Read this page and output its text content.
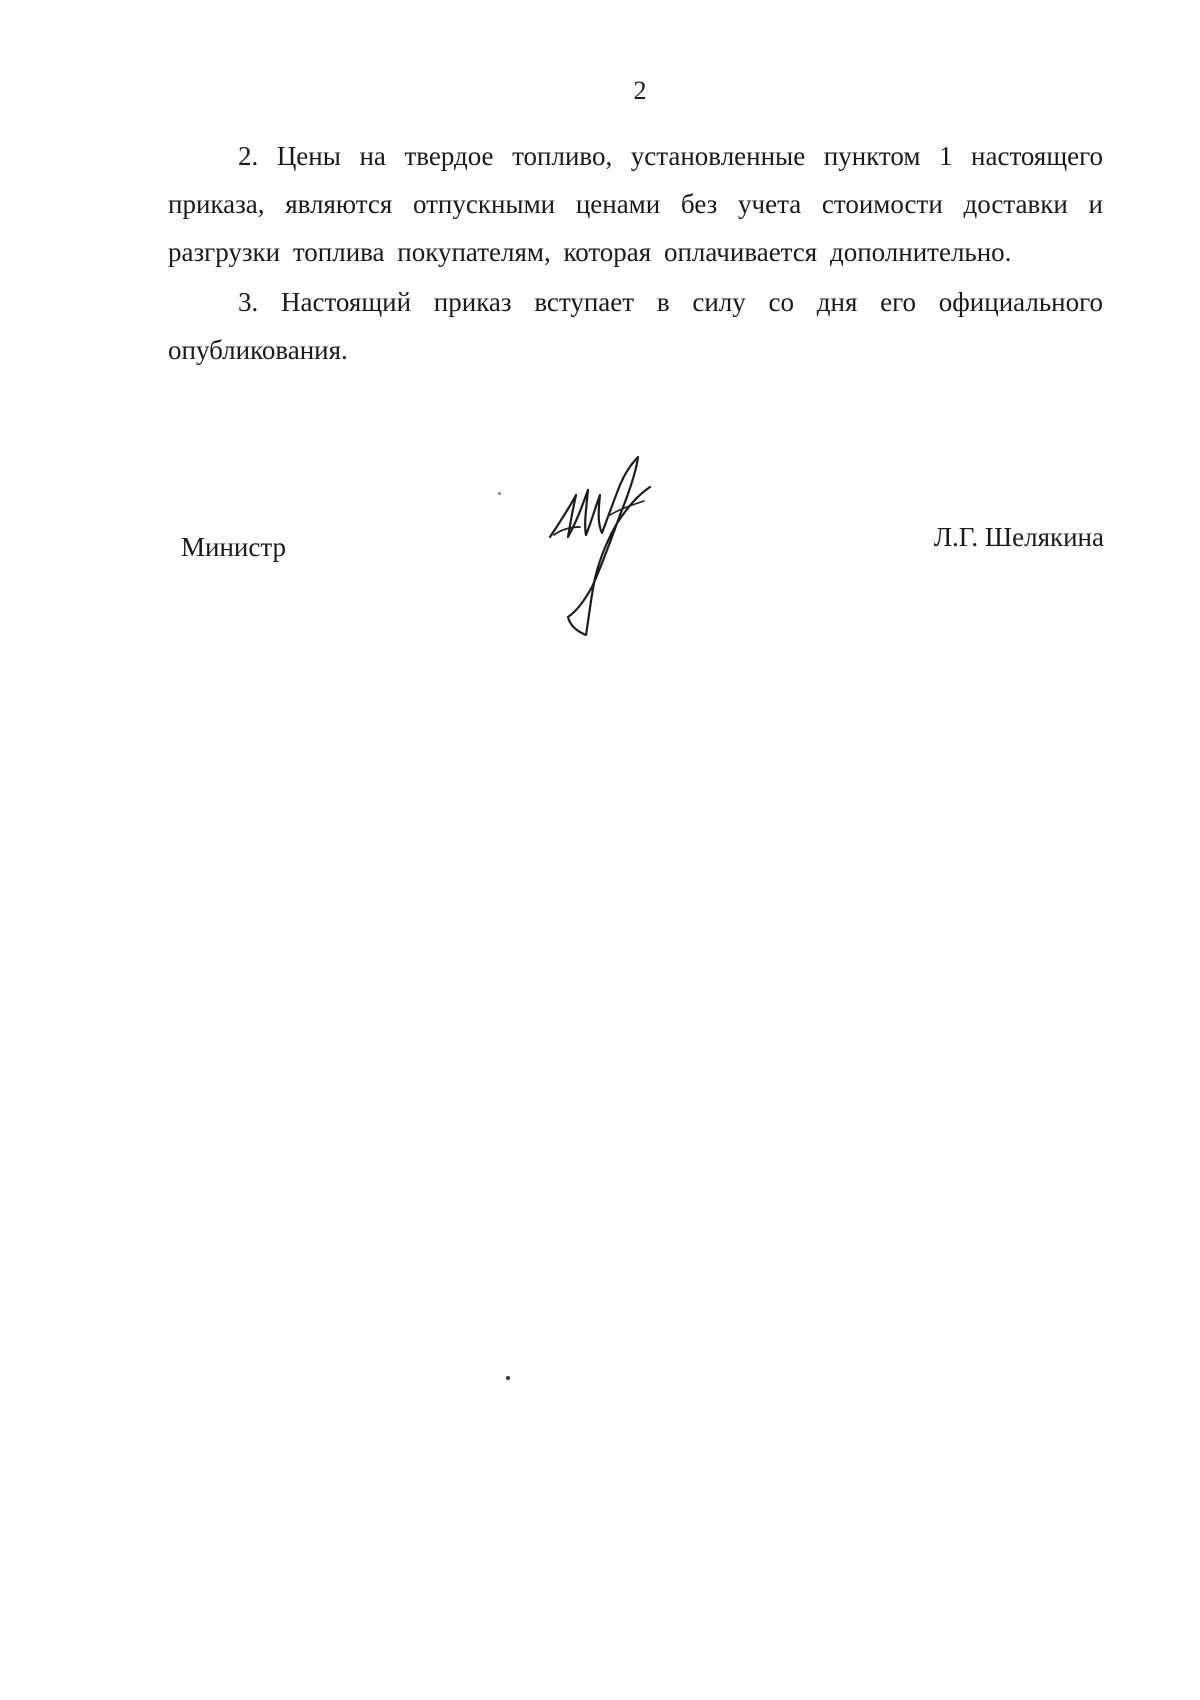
2

2. Цены на твердое топливо, установленные пунктом 1 настоящего приказа, являются отпускными ценами без учета стоимости доставки и разгрузки топлива покупателям, которая оплачивается дополнительно.

3. Настоящий приказ вступает в силу со дня его официального опубликования.

Министр	Л.Г. Шелякина
